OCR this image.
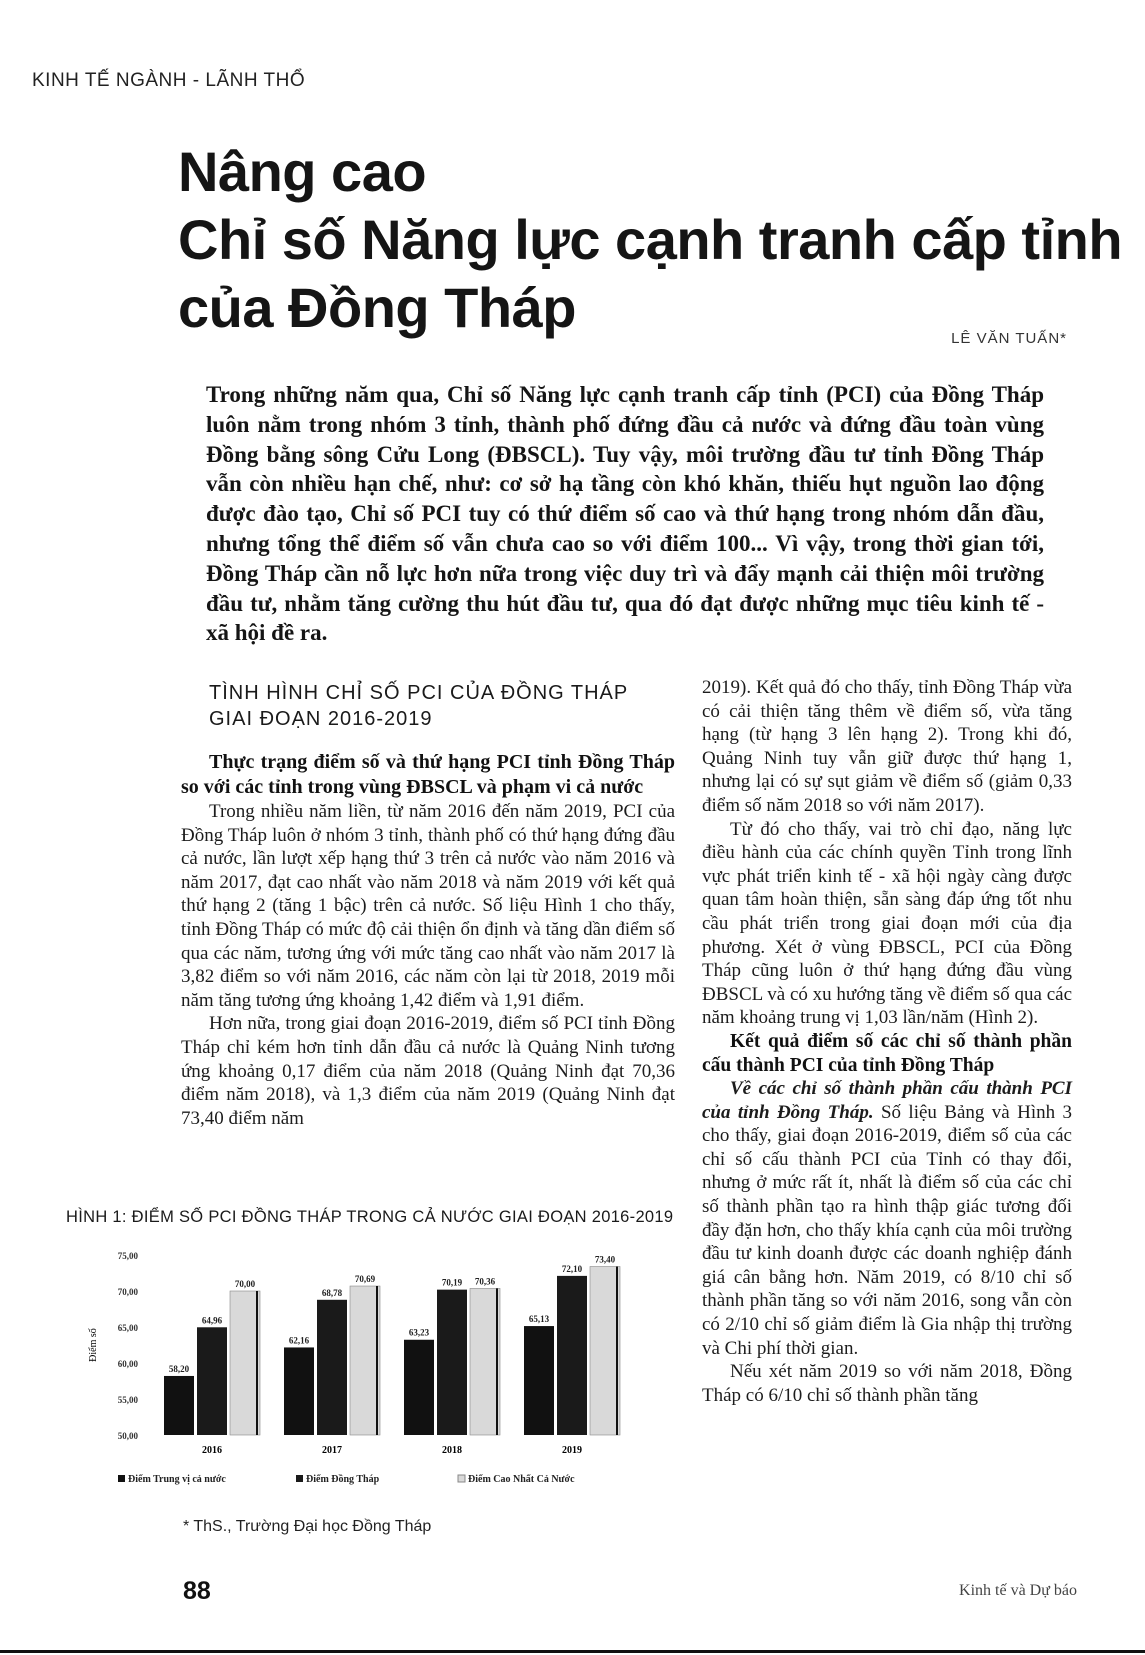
KINH TẾ NGÀNH - LÃNH THỔ
Nâng cao
Chỉ số Năng lực cạnh tranh cấp tỉnh
của Đồng Tháp	LÊ VĂN TUẤN*
Trong những năm qua, Chỉ số Năng lực cạnh tranh cấp tỉnh (PCI) của Đồng Tháp luôn nằm trong nhóm 3 tỉnh, thành phố đứng đầu cả nước và đứng đầu toàn vùng Đồng bằng sông Cửu Long (ĐBSCL). Tuy vậy, môi trường đầu tư tỉnh Đồng Tháp vẫn còn nhiều hạn chế, như: cơ sở hạ tầng còn khó khăn, thiếu hụt nguồn lao động được đào tạo, Chỉ số PCI tuy có thứ điểm số cao và thứ hạng trong nhóm dẫn đầu, nhưng tổng thể điểm số vẫn chưa cao so với điểm 100... Vì vậy, trong thời gian tới, Đồng Tháp cần nỗ lực hơn nữa trong việc duy trì và đẩy mạnh cải thiện môi trường đầu tư, nhằm tăng cường thu hút đầu tư, qua đó đạt được những mục tiêu kinh tế - xã hội đề ra.
TÌNH HÌNH CHỈ SỐ PCI CỦA ĐỒNG THÁP GIAI ĐOẠN 2016-2019

Thực trạng điểm số và thứ hạng PCI tỉnh Đồng Tháp so với các tỉnh trong vùng ĐBSCL và phạm vi cả nước

Trong nhiều năm liền, từ năm 2016 đến năm 2019, PCI của Đồng Tháp luôn ở nhóm 3 tỉnh, thành phố có thứ hạng đứng đầu cả nước, lần lượt xếp hạng thứ 3 trên cả nước vào năm 2016 và năm 2017, đạt cao nhất vào năm 2018 và năm 2019 với kết quả thứ hạng 2 (tăng 1 bậc) trên cả nước. Số liệu Hình 1 cho thấy, tỉnh Đồng Tháp có mức độ cải thiện ổn định và tăng dần điểm số qua các năm, tương ứng với mức tăng cao nhất vào năm 2017 là 3,82 điểm so với năm 2016, các năm còn lại từ 2018, 2019 mỗi năm tăng tương ứng khoảng 1,42 điểm và 1,91 điểm.

Hơn nữa, trong giai đoạn 2016-2019, điểm số PCI tỉnh Đồng Tháp chỉ kém hơn tỉnh dẫn đầu cả nước là Quảng Ninh tương ứng khoảng 0,17 điểm của năm 2018 (Quảng Ninh đạt 70,36 điểm năm 2018), và 1,3 điểm của năm 2019 (Quảng Ninh đạt 73,40 điểm năm

2019). Kết quả đó cho thấy, tỉnh Đồng Tháp vừa có cải thiện tăng thêm về điểm số, vừa tăng hạng (từ hạng 3 lên hạng 2). Trong khi đó, Quảng Ninh tuy vẫn giữ được thứ hạng 1, nhưng lại có sự sụt giảm về điểm số (giảm 0,33 điểm số năm 2018 so với năm 2017).

Từ đó cho thấy, vai trò chỉ đạo, năng lực điều hành của các chính quyền Tỉnh trong lĩnh vực phát triển kinh tế - xã hội ngày càng được quan tâm hoàn thiện, sẵn sàng đáp ứng tốt nhu cầu phát triển trong giai đoạn mới của địa phương. Xét ở vùng ĐBSCL, PCI của Đồng Tháp cũng luôn ở thứ hạng đứng đầu vùng ĐBSCL và có xu hướng tăng về điểm số qua các năm khoảng trung vị 1,03 lần/năm (Hình 2).

Kết quả điểm số các chỉ số thành phần cấu thành PCI của tỉnh Đồng Tháp

Về các chỉ số thành phần cấu thành PCI của tỉnh Đồng Tháp. Số liệu Bảng và Hình 3 cho thấy, giai đoạn 2016-2019, điểm số của các chỉ số cấu thành PCI của Tỉnh có thay đổi, nhưng ở mức rất ít, nhất là điểm số của các chỉ số thành phần tạo ra hình thập giác tương đối đầy đặn hơn, cho thấy khía cạnh của môi trường đầu tư kinh doanh được các doanh nghiệp đánh giá cân bằng hơn. Năm 2019, có 8/10 chỉ số thành phần tăng so với năm 2016, song vẫn còn có 2/10 chỉ số giảm điểm là Gia nhập thị trường và Chi phí thời gian.

Nếu xét năm 2019 so với năm 2018, Đồng Tháp có 6/10 chỉ số thành phần tăng

HÌNH 1: ĐIỂM SỐ PCI ĐỒNG THÁP TRONG CẢ NƯỚC GIAI ĐOẠN 2016-2019
Điểm số
50,00
55,00
60,00
65,00
70,00
75,00
58,20
64,96
70,00
2016
62,16
68,78
70,69
2017
63,23
70,19 70,36
2018
65,13
72,10
73,40
2019
Điểm Trung vị cả nước	Điểm Đồng Tháp	Điểm Cao Nhất Cả Nước
* ThS., Trường Đại học Đồng Tháp
88	Kinh tế và Dự báo
